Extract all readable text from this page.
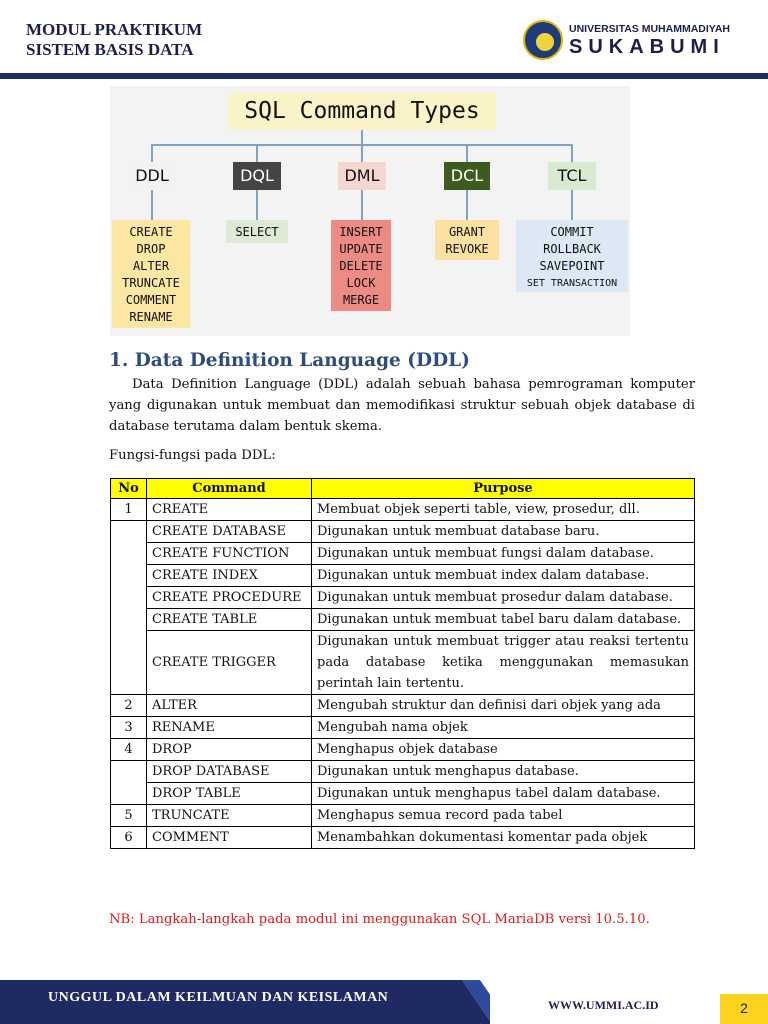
MODUL PRAKTIKUM
SISTEM BASIS DATA
UNIVERSITAS MUHAMMADIYAH
SUKABUMI
SQL Command Types
DDL	DQL	DML	DCL	TCL
CREATE
DROP
ALTER
TRUNCATE
COMMENT
RENAME
SELECT	INSERT
UPDATE
DELETE
LOCK
MERGE
GRANT
REVOKE
COMMIT
ROLLBACK
SAVEPOINT
SET TRANSACTION
1. Data Definition Language (DDL)
Data Definition Language (DDL) adalah sebuah bahasa pemrograman komputer yang digunakan untuk membuat dan memodifikasi struktur sebuah objek database di database terutama dalam bentuk skema.
Fungsi-fungsi pada DDL:
No	Command	Purpose
1	CREATE	Membuat objek seperti table, view, prosedur, dll.
	CREATE DATABASE	Digunakan untuk membuat database baru.
	CREATE FUNCTION	Digunakan untuk membuat fungsi dalam database.
	CREATE INDEX	Digunakan untuk membuat index dalam database.
	CREATE PROCEDURE	Digunakan untuk membuat prosedur dalam database.
	CREATE TABLE	Digunakan untuk membuat tabel baru dalam database.
	CREATE TRIGGER	Digunakan untuk membuat trigger atau reaksi tertentu pada database ketika menggunakan memasukan perintah lain tertentu.
2	ALTER	Mengubah struktur dan definisi dari objek yang ada
3	RENAME	Mengubah nama objek
4	DROP	Menghapus objek database
	DROP DATABASE	Digunakan untuk menghapus database.
	DROP TABLE	Digunakan untuk menghapus tabel dalam database.
5	TRUNCATE	Menghapus semua record pada tabel
6	COMMENT	Menambahkan dokumentasi komentar pada objek
NB: Langkah-langkah pada modul ini menggunakan SQL MariaDB versi 10.5.10.
UNGGUL DALAM KEILMUAN DAN KEISLAMAN	WWW.UMMI.AC.ID	2
